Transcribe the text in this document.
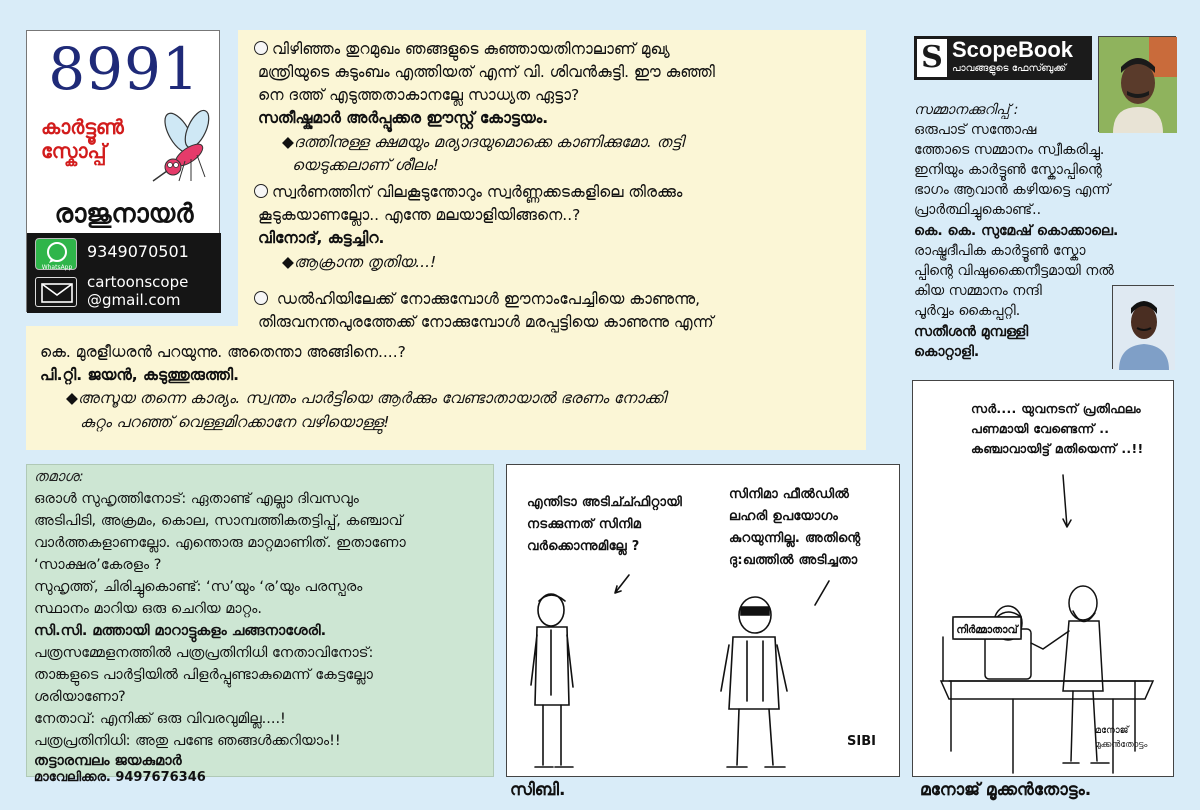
8991
കാർട്ടൂൺ
സ്കോപ്പ്
രാജുനായർ
WhatsApp
9349070501
cartoonscope
@gmail.com
വിഴിഞ്ഞം തുറമുഖം ഞങ്ങളുടെ കുഞ്ഞായതിനാലാണ് മുഖ്യ
മന്ത്രിയുടെ കുടുംബം എത്തിയത് എന്ന് വി. ശിവൻകുട്ടി. ഈ കുഞ്ഞി
നെ ദത്ത് എടുത്തതാകാനല്ലേ സാധ്യത ഏട്ടാ?
സതീഷ്കുമാർ അർപ്പൂക്കര ഈസ്റ്റ് കോട്ടയം.
◆ദത്തിനുള്ള ക്ഷമയും മര്യാദയുമൊക്കെ കാണിക്കുമോ. തട്ടി
യെടുക്കലാണ് ശീലം!
സ്വർണത്തിന് വിലകൂടുന്തോറും സ്വർണ്ണക്കടകളിലെ തിരക്കും
കൂടുകയാണല്ലോ.. എന്തേ മലയാളിയിങ്ങനെ..?
വിനോദ്, കട്ടച്ചിറ.
◆ആക്രാന്ത തൃതിയ...!
ഡൽഹിയിലേക്ക് നോക്കുമ്പോൾ ഈനാംപേച്ചിയെ കാണുന്നു,
തിരുവനന്തപുരത്തേക്ക് നോക്കുമ്പോൾ മരപ്പട്ടിയെ കാണുന്നു എന്ന്
കെ. മുരളീധരൻ പറയുന്നു. അതെന്താ അങ്ങിനെ....?
പി.റ്റി. ജയൻ, കടുത്തുരുത്തി.
◆അസൂയ തന്നെ കാര്യം. സ്വന്തം പാർട്ടിയെ ആർക്കും വേണ്ടാതായാൽ ഭരണം നോക്കി
കുറ്റം പറഞ്ഞ് വെള്ളമിറക്കാനേ വഴിയൊള്ളു!
തമാശ:
ഒരാൾ സുഹൃത്തിനോട്: ഏതാണ്ട് എല്ലാ ദിവസവും
അടിപിടി, അക്രമം, കൊല, സാമ്പത്തികതട്ടിപ്പ്, കഞ്ചാവ്
വാർത്തകളാണല്ലോ. എന്തൊരു മാറ്റമാണിത്. ഇതാണോ
‘സാക്ഷര’കേരളം ?
സുഹൃത്ത്, ചിരിച്ചുകൊണ്ട്: ‘സ’യും ‘ര’യും പരസ്പരം
സ്ഥാനം മാറിയ ഒരു ചെറിയ മാറ്റം.
സി.സി. മത്തായി മാറാട്ടുകളം ചങ്ങനാശേരി.
പത്രസമ്മേളനത്തിൽ പത്രപ്രതിനിധി നേതാവിനോട്:
താങ്കളുടെ പാർട്ടിയിൽ പിളർപ്പുണ്ടാകുമെന്ന് കേട്ടല്ലോ
ശരിയാണോ?
നേതാവ്: എനിക്ക് ഒരു വിവരവുമില്ല....!
പത്രപ്രതിനിധി: അതു പണ്ടേ ഞങ്ങൾക്കറിയാം!!
തട്ടാരമ്പലം ജയകുമാർ
മാവേലിക്കര. 9497676346
എന്തിടാ അടിച്ച്ഫിറ്റായി
നടക്കുന്നത് സിനിമ
വർക്കൊന്നുമില്ലേ ?
സിനിമാ ഫീൽഡിൽ
ലഹരി ഉപയോഗം
കുറയുന്നില്ല. അതിന്റെ
ദു:ഖത്തിൽ അടിച്ചതാ
SIBI
സിബി.
സർ.... യുവനടന് പ്രതിഫലം
പണമായി വേണ്ടെന്ന് ..
കഞ്ചാവായിട്ട് മതിയെന്ന് ..!!
നിർമ്മാതാവ്
മനോജ്
മുക്കൻതോട്ടം
മനോജ് മൂക്കൻതോട്ടം.
S ScopeBook
പാവങ്ങളുടെ ഫേസ്ബുക്ക്
സമ്മാനക്കുറിപ്പ് :
ഒരുപാട് സന്തോഷ
ത്തോടെ സമ്മാനം സ്വീകരിച്ചു.
ഇനിയും കാർട്ടൂൺ സ്കോപ്പിന്റെ
ഭാഗം ആവാൻ കഴിയട്ടെ എന്ന്
പ്രാർത്ഥിച്ചുകൊണ്ട്..
കെ. കെ. സുമേഷ് കൊക്കാലെ.
രാഷ്ട്രദീപിക കാർട്ടൂൺ സ്കോ
പ്പിന്റെ വിഷുക്കൈനീട്ടമായി നൽ
കിയ സമ്മാനം നന്ദി
പൂർവ്വം കൈപ്പറ്റി.
സതീശൻ മുമ്പള്ളി
കൊറ്റാളി.
